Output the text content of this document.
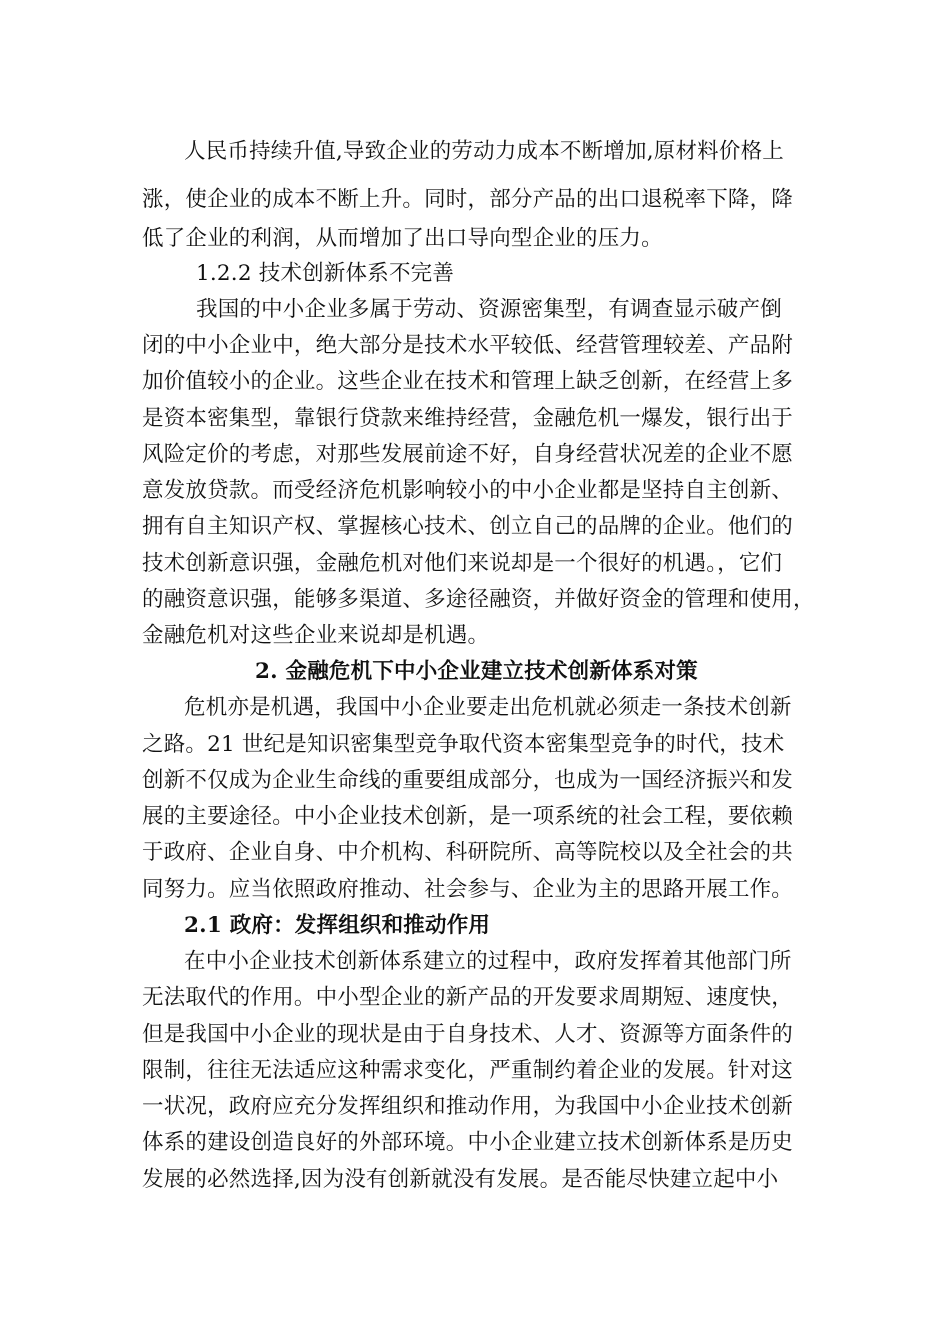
人民币持续升值,导致企业的劳动力成本不断增加,原材料价格上
涨，使企业的成本不断上升。同时，部分产品的出口退税率下降，降
低了企业的利润，从而增加了出口导向型企业的压力。
1.2.2 技术创新体系不完善
我国的中小企业多属于劳动、资源密集型，有调查显示破产倒
闭的中小企业中，绝大部分是技术水平较低、经营管理较差、产品附
加价值较小的企业。这些企业在技术和管理上缺乏创新，在经营上多
是资本密集型，靠银行贷款来维持经营，金融危机一爆发，银行出于
风险定价的考虑，对那些发展前途不好，自身经营状况差的企业不愿
意发放贷款。而受经济危机影响较小的中小企业都是坚持自主创新、
拥有自主知识产权、掌握核心技术、创立自己的品牌的企业。他们的
技术创新意识强，金融危机对他们来说却是一个很好的机遇。，它们
的融资意识强，能够多渠道、多途径融资，并做好资金的管理和使用，
金融危机对这些企业来说却是机遇。
2. 金融危机下中小企业建立技术创新体系对策
危机亦是机遇，我国中小企业要走出危机就必须走一条技术创新
之路。21 世纪是知识密集型竞争取代资本密集型竞争的时代，技术
创新不仅成为企业生命线的重要组成部分，也成为一国经济振兴和发
展的主要途径。中小企业技术创新，是一项系统的社会工程，要依赖
于政府、企业自身、中介机构、科研院所、高等院校以及全社会的共
同努力。应当依照政府推动、社会参与、企业为主的思路开展工作。
2.1 政府：发挥组织和推动作用
在中小企业技术创新体系建立的过程中，政府发挥着其他部门所
无法取代的作用。中小型企业的新产品的开发要求周期短、速度快，
但是我国中小企业的现状是由于自身技术、人才、资源等方面条件的
限制，往往无法适应这种需求变化，严重制约着企业的发展。针对这
一状况，政府应充分发挥组织和推动作用，为我国中小企业技术创新
体系的建设创造良好的外部环境。中小企业建立技术创新体系是历史
发展的必然选择,因为没有创新就没有发展。是否能尽快建立起中小
